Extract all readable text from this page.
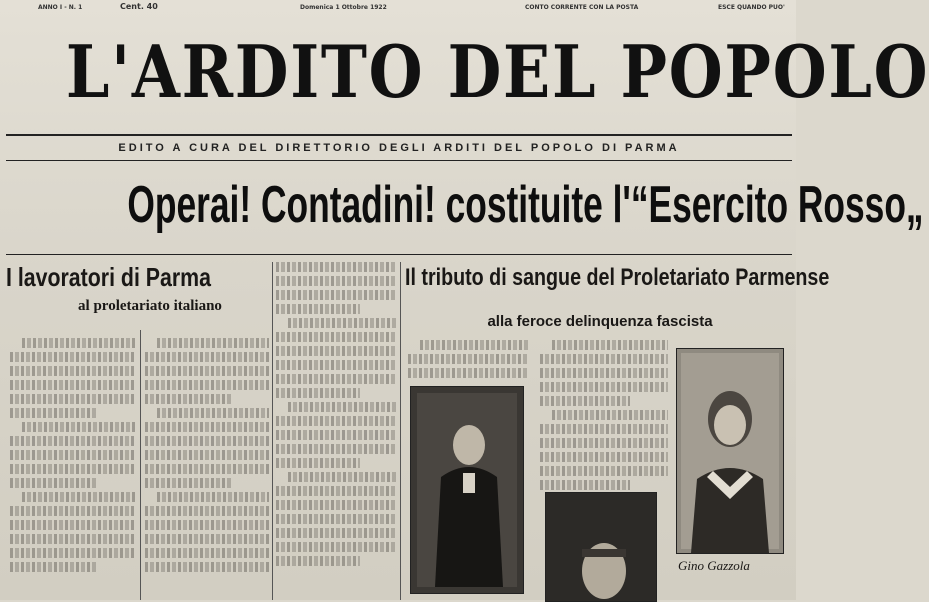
ANNO I - N. 1	Cent. 40	Domenica 1 Ottobre 1922	CONTO CORRENTE CON LA POSTA	ESCE QUANDO PUO'
L'ARDITO DEL POPOLO
EDITO A CURA DEL DIRETTORIO DEGLI ARDITI DEL POPOLO DI PARMA
Operai! Contadini! costituite l'“Esercito Rosso„
I lavoratori di Parma
al proletariato italiano
Il tributo di sangue del Proletariato Parmense
alla feroce delinquenza fascista
Gino Gazzola
